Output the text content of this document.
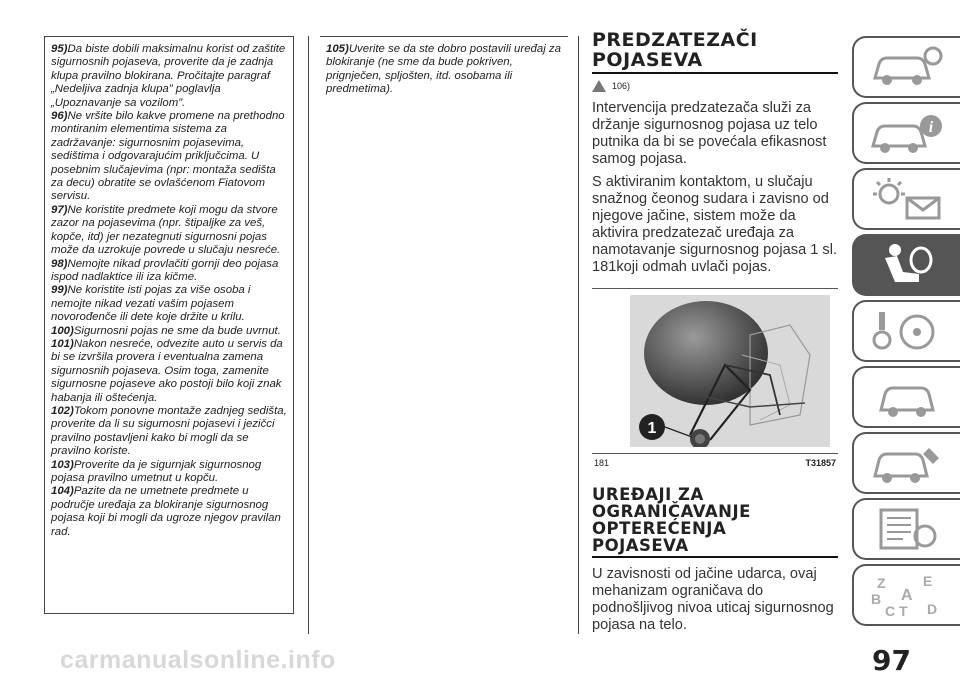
95)Da biste dobili maksimalnu korist od zaštite sigurnosnih pojaseva, proverite da je zadnja klupa pravilno blokirana. Pročitajte paragraf „Nedeljiva zadnja klupa” poglavlja „Upoznavanje sa vozilom”.

96)Ne vršite bilo kakve promene na prethodno montiranim elementima sistema za zadržavanje: sigurnosnim pojasevima, sedištima i odgovarajućim priključcima. U posebnim slučajevima (npr: montaža sedišta za decu) obratite se ovlašćenom Fiatovom servisu.

97)Ne koristite predmete koji mogu da stvore zazor na pojasevima (npr. štipaljke za veš, kopče, itd) jer nezategnuti sigurnosni pojas može da uzrokuje povrede u slučaju nesreće.

98)Nemojte nikad provlačiti gornji deo pojasa ispod nadlaktice ili iza kičme.

99)Ne koristite isti pojas za više osoba i nemojte nikad vezati vašim pojasem novorođenče ili dete koje držite u krilu.

100)Sigurnosni pojas ne sme da bude uvrnut.

101)Nakon nesreće, odvezite auto u servis da bi se izvršila provera i eventualna zamena sigurnosnih pojaseva. Osim toga, zamenite sigurnosne pojaseve ako postoji bilo koji znak habanja ili oštećenja.

102)Tokom ponovne montaže zadnjeg sedišta, proverite da li su sigurnosni pojasevi i jezičci pravilno postavljeni kako bi mogli da se pravilno koriste.

103)Proverite da je sigurnjak sigurnosnog pojasa pravilno umetnut u kopču.

104)Pazite da ne umetnete predmete u područje uređaja za blokiranje sigurnosnog pojasa koji bi mogli da ugroze njegov pravilan rad.

105)Uverite se da ste dobro postavili uređaj za blokiranje (ne sme da bude pokriven, prignječen, spljošten, itd. osobama ili predmetima).

PREDZATEZAČI
POJASEVA
106)

Intervencija predzatezača služi za držanje sigurnosnog pojasa uz telo putnika da bi se povećala efikasnost samog pojasa.

S aktiviranim kontaktom, u slučaju snažnog čeonog sudara i zavisno od njegove jačine, sistem može da aktivira predzatezač uređaja za namotavanje sigurnosnog pojasa 1 sl. 181koji odmah uvlači pojas.

1
181	T31857
UREĐAJI ZA
OGRANIČAVANJE
OPTEREĆENJA
POJASEVA

U zavisnosti od jačine udarca, ovaj mehanizam ograničava do podnošljivog nivoa uticaj sigurnosnog pojasa na telo.

i
Z	E
B A
C T D
97
carmanualsonline.info
